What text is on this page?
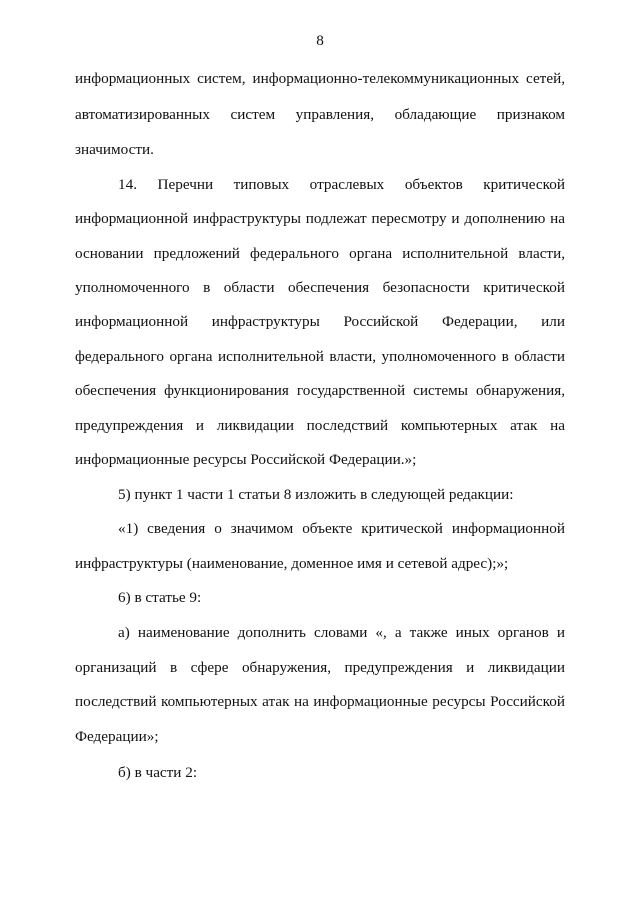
8
информационных систем, информационно-телекоммуникационных сетей,
автоматизированных систем управления, обладающие признаком
значимости.
14. Перечни типовых отраслевых объектов критической
информационной инфраструктуры подлежат пересмотру и дополнению на
основании предложений федерального органа исполнительной власти,
уполномоченного в области обеспечения безопасности критической
информационной инфраструктуры Российской Федерации, или
федерального органа исполнительной власти, уполномоченного в области
обеспечения функционирования государственной системы обнаружения,
предупреждения и ликвидации последствий компьютерных атак на
информационные ресурсы Российской Федерации.»;
5) пункт 1 части 1 статьи 8 изложить в следующей редакции:
«1) сведения о значимом объекте критической информационной
инфраструктуры (наименование, доменное имя и сетевой адрес);»;
6) в статье 9:
а) наименование дополнить словами «, а также иных органов и
организаций в сфере обнаружения, предупреждения и ликвидации
последствий компьютерных атак на информационные ресурсы Российской
Федерации»;
б) в части 2:
